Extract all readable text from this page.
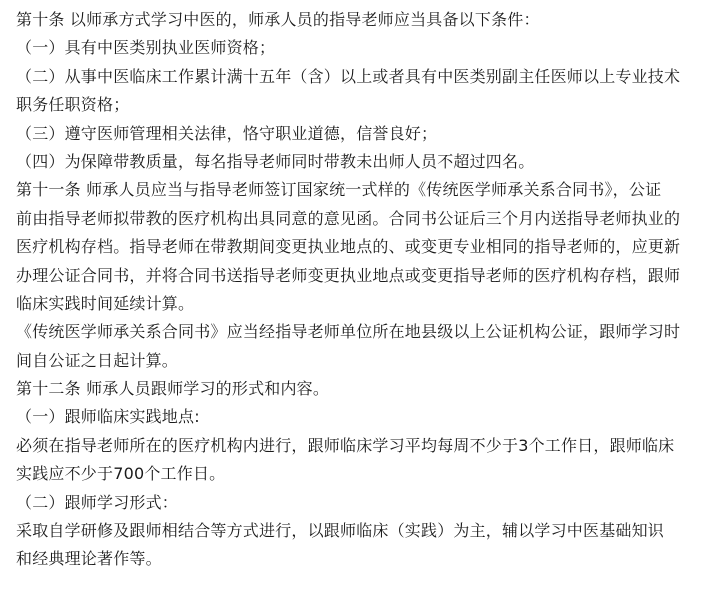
第十条 以师承方式学习中医的，师承人员的指导老师应当具备以下条件：
（一）具有中医类别执业医师资格；
（二）从事中医临床工作累计满十五年（含）以上或者具有中医类别副主任医师以上专业技术
职务任职资格；
（三）遵守医师管理相关法律，恪守职业道德，信誉良好；
（四）为保障带教质量，每名指导老师同时带教未出师人员不超过四名。
第十一条 师承人员应当与指导老师签订国家统一式样的《传统医学师承关系合同书》，公证
前由指导老师拟带教的医疗机构出具同意的意见函。合同书公证后三个月内送指导老师执业的
医疗机构存档。指导老师在带教期间变更执业地点的、或变更专业相同的指导老师的，应更新
办理公证合同书，并将合同书送指导老师变更执业地点或变更指导老师的医疗机构存档，跟师
临床实践时间延续计算。
《传统医学师承关系合同书》应当经指导老师单位所在地县级以上公证机构公证，跟师学习时
间自公证之日起计算。
第十二条 师承人员跟师学习的形式和内容。
（一）跟师临床实践地点:
必须在指导老师所在的医疗机构内进行，跟师临床学习平均每周不少于3个工作日，跟师临床
实践应不少于700个工作日。
（二）跟师学习形式：
采取自学研修及跟师相结合等方式进行，以跟师临床（实践）为主，辅以学习中医基础知识
和经典理论著作等。
